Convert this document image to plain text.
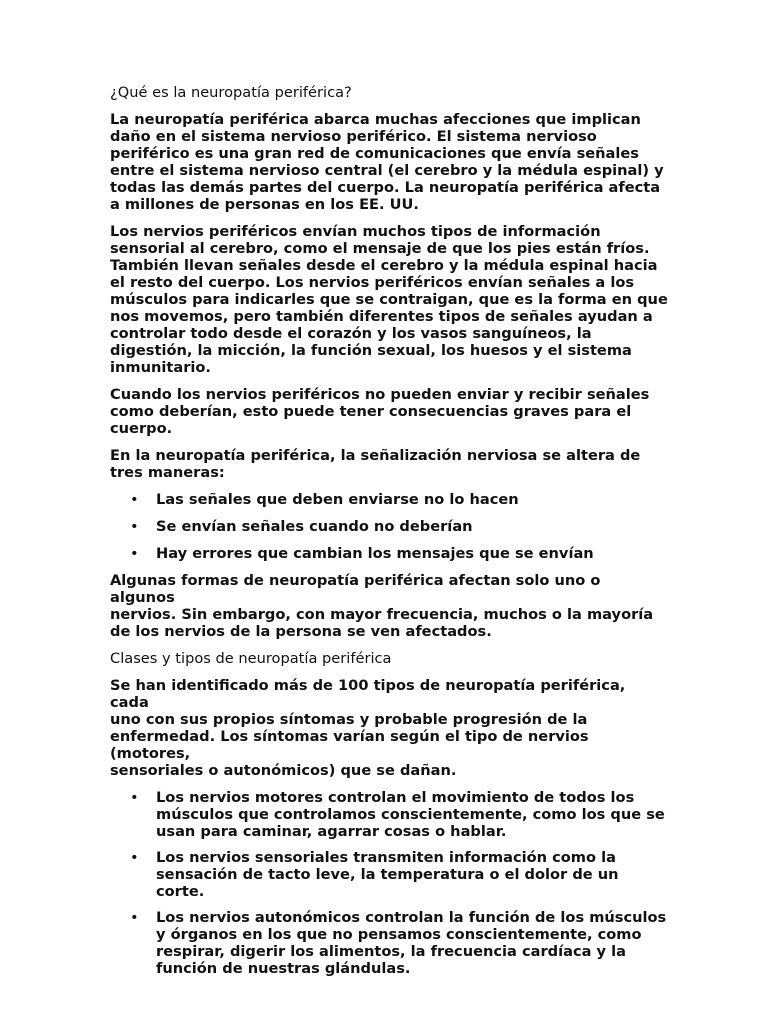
¿Qué es la neuropatía periférica?

La neuropatía periférica abarca muchas afecciones que implican
daño en el sistema nervioso periférico. El sistema nervioso
periférico es una gran red de comunicaciones que envía señales
entre el sistema nervioso central (el cerebro y la médula espinal) y
todas las demás partes del cuerpo. La neuropatía periférica afecta
a millones de personas en los EE. UU.

Los nervios periféricos envían muchos tipos de información
sensorial al cerebro, como el mensaje de que los pies están fríos.
También llevan señales desde el cerebro y la médula espinal hacia
el resto del cuerpo. Los nervios periféricos envían señales a los
músculos para indicarles que se contraigan, que es la forma en que
nos movemos, pero también diferentes tipos de señales ayudan a
controlar todo desde el corazón y los vasos sanguíneos, la
digestión, la micción, la función sexual, los huesos y el sistema
inmunitario.

Cuando los nervios periféricos no pueden enviar y recibir señales
como deberían, esto puede tener consecuencias graves para el
cuerpo.

En la neuropatía periférica, la señalización nerviosa se altera de
tres maneras:

• Las señales que deben enviarse no lo hacen
• Se envían señales cuando no deberían
• Hay errores que cambian los mensajes que se envían

Algunas formas de neuropatía periférica afectan solo uno o algunos
nervios. Sin embargo, con mayor frecuencia, muchos o la mayoría
de los nervios de la persona se ven afectados.

Clases y tipos de neuropatía periférica

Se han identificado más de 100 tipos de neuropatía periférica, cada
uno con sus propios síntomas y probable progresión de la
enfermedad. Los síntomas varían según el tipo de nervios (motores,
sensoriales o autonómicos) que se dañan.

• Los nervios motores controlan el movimiento de todos los
músculos que controlamos conscientemente, como los que se
usan para caminar, agarrar cosas o hablar.
• Los nervios sensoriales transmiten información como la
sensación de tacto leve, la temperatura o el dolor de un corte.
• Los nervios autonómicos controlan la función de los músculos
y órganos en los que no pensamos conscientemente, como
respirar, digerir los alimentos, la frecuencia cardíaca y la
función de nuestras glándulas.
